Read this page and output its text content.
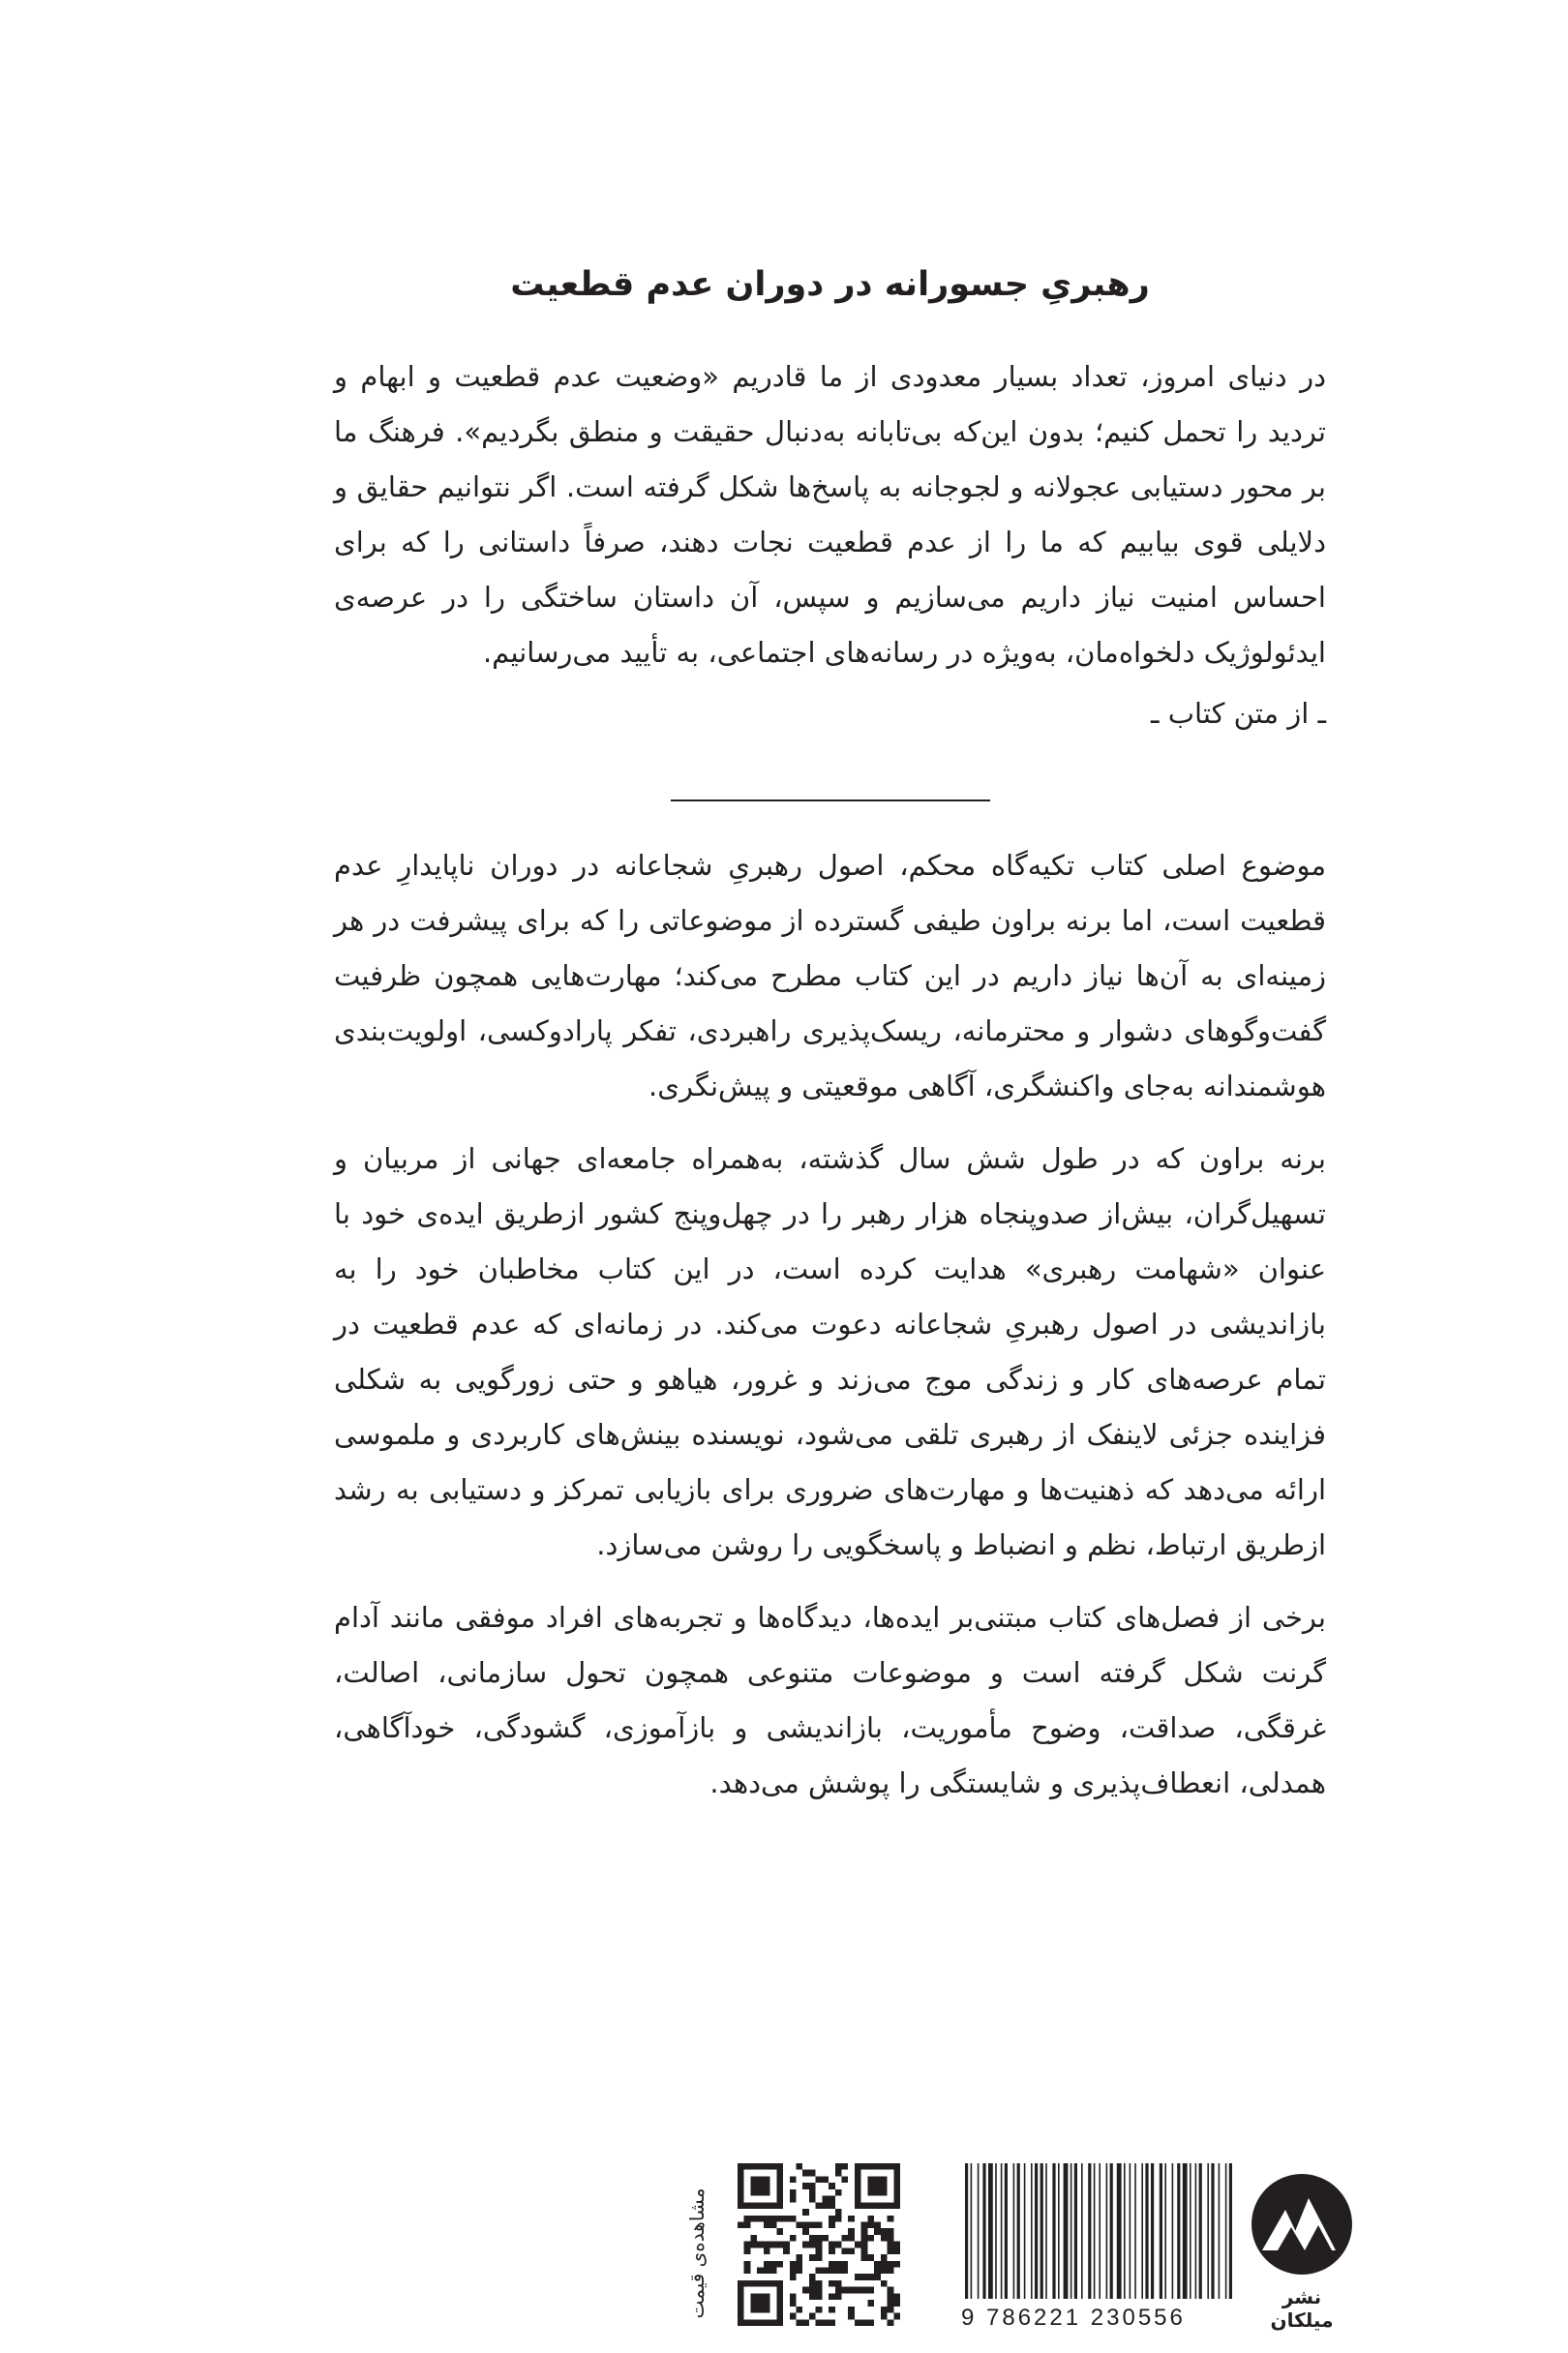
رهبریِ جسورانه در دوران عدم قطعیت

در دنیای امروز، تعداد بسیار معدودی از ما قادریم «وضعیت عدم قطعیت و ابهام و تردید را تحمل کنیم؛ بدون این‌که بی‌تابانه به‌دنبال حقیقت و منطق بگردیم». فرهنگ ما بر محور دستیابی عجولانه و لجوجانه به پاسخ‌ها شکل گرفته است. اگر نتوانیم حقایق و دلایلی قوی بیابیم که ما را از عدم قطعیت نجات دهند، صرفاً داستانی را که برای احساس امنیت نیاز داریم می‌سازیم و سپس، آن داستان ساختگی را در عرصه‌ی ایدئولوژیک دلخواه‌مان، به‌ویژه در رسانه‌های اجتماعی، به تأیید می‌رسانیم.

ـ از متن کتاب ـ

موضوع اصلی کتاب تکیه‌گاه محکم، اصول رهبریِ شجاعانه در دوران ناپایدارِ عدم قطعیت است، اما برنه براون طیفی گسترده از موضوعاتی را که برای پیشرفت در هر زمینه‌ای به آن‌ها نیاز داریم در این کتاب مطرح می‌کند؛ مهارت‌هایی همچون ظرفیت گفت‌وگوهای دشوار و محترمانه، ریسک‌پذیری راهبردی، تفکر پارادوکسی، اولویت‌بندی هوشمندانه به‌جای واکنشگری، آگاهی موقعیتی و پیش‌نگری.

برنه براون که در طول شش سال گذشته، به‌همراه جامعه‌ای جهانی از مربیان و تسهیل‌گران، بیش‌از صدوپنجاه هزار رهبر را در چهل‌وپنج کشور ازطریق ایده‌ی خود با عنوان «شهامت رهبری» هدایت کرده است، در این کتاب مخاطبان خود را به بازاندیشی در اصول رهبریِ شجاعانه دعوت می‌کند. در زمانه‌ای که عدم قطعیت در تمام عرصه‌های کار و زندگی موج می‌زند و غرور، هیاهو و حتی زورگویی به شکلی فزاینده جزئی لاینفک از رهبری تلقی می‌شود، نویسنده بینش‌های کاربردی و ملموسی ارائه می‌دهد که ذهنیت‌ها و مهارت‌های ضروری برای بازیابی تمرکز و دستیابی به رشد ازطریق ارتباط، نظم و انضباط و پاسخگویی را روشن می‌سازد.

برخی از فصل‌های کتاب مبتنی‌بر ایده‌ها، دیدگاه‌ها و تجربه‌های افراد موفقی مانند آدام گرنت شکل گرفته است و موضوعات متنوعی همچون تحول سازمانی، اصالت، غرقگی، صداقت، وضوح مأموریت، بازاندیشی و بازآموزی، گشودگی، خودآگاهی، همدلی، انعطاف‌پذیری و شایستگی را پوشش می‌دهد.

نشر میلکان
9 786221 230556
مشاهده‌ی قیمت
